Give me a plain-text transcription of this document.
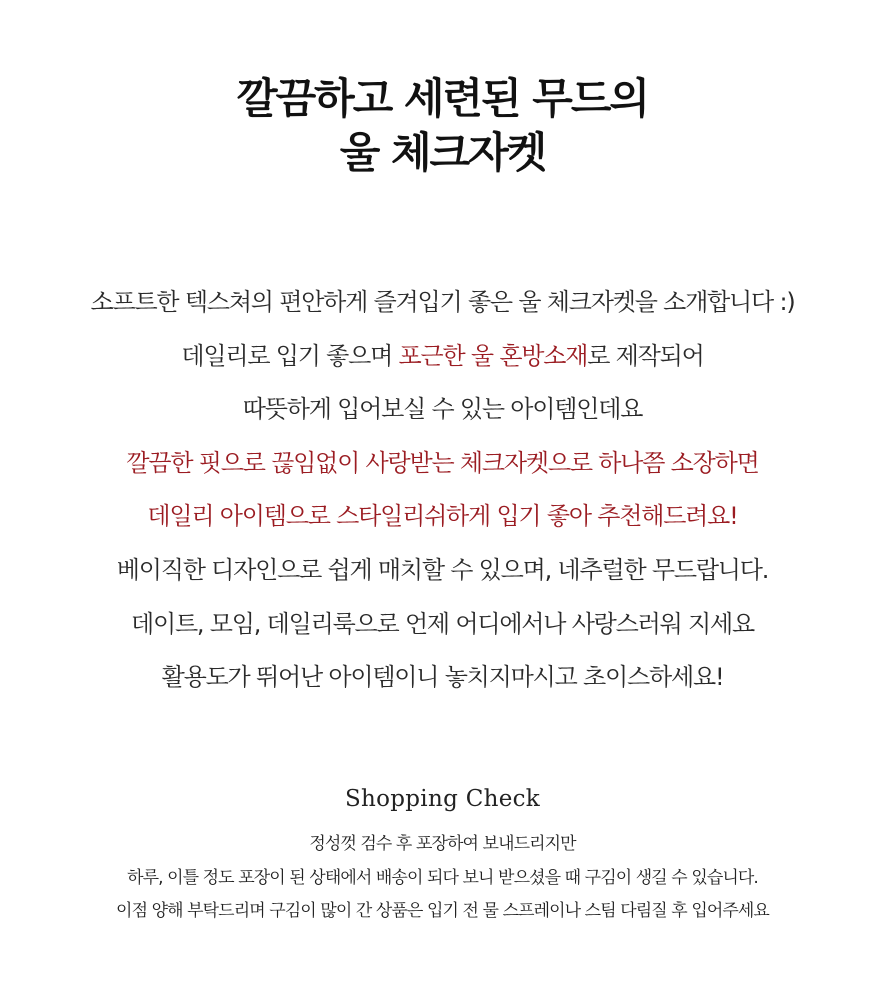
깔끔하고 세련된 무드의
울 체크자켓
소프트한 텍스쳐의 편안하게 즐겨입기 좋은 울 체크자켓을 소개합니다 :)
데일리로 입기 좋으며 포근한 울 혼방소재로 제작되어
따뜻하게 입어보실 수 있는 아이템인데요
깔끔한 핏으로 끊임없이 사랑받는 체크자켓으로 하나쯤 소장하면
데일리 아이템으로 스타일리쉬하게 입기 좋아 추천해드려요!
베이직한 디자인으로 쉽게 매치할 수 있으며, 네추럴한 무드랍니다.
데이트, 모임, 데일리룩으로 언제 어디에서나 사랑스러워 지세요
활용도가 뛰어난 아이템이니 놓치지마시고 초이스하세요!
Shopping Check
정성껏 검수 후 포장하여 보내드리지만
하루, 이틀 정도 포장이 된 상태에서 배송이 되다 보니 받으셨을 때 구김이 생길 수 있습니다.
이점 양해 부탁드리며 구김이 많이 간 상품은 입기 전 물 스프레이나 스팀 다림질 후 입어주세요
